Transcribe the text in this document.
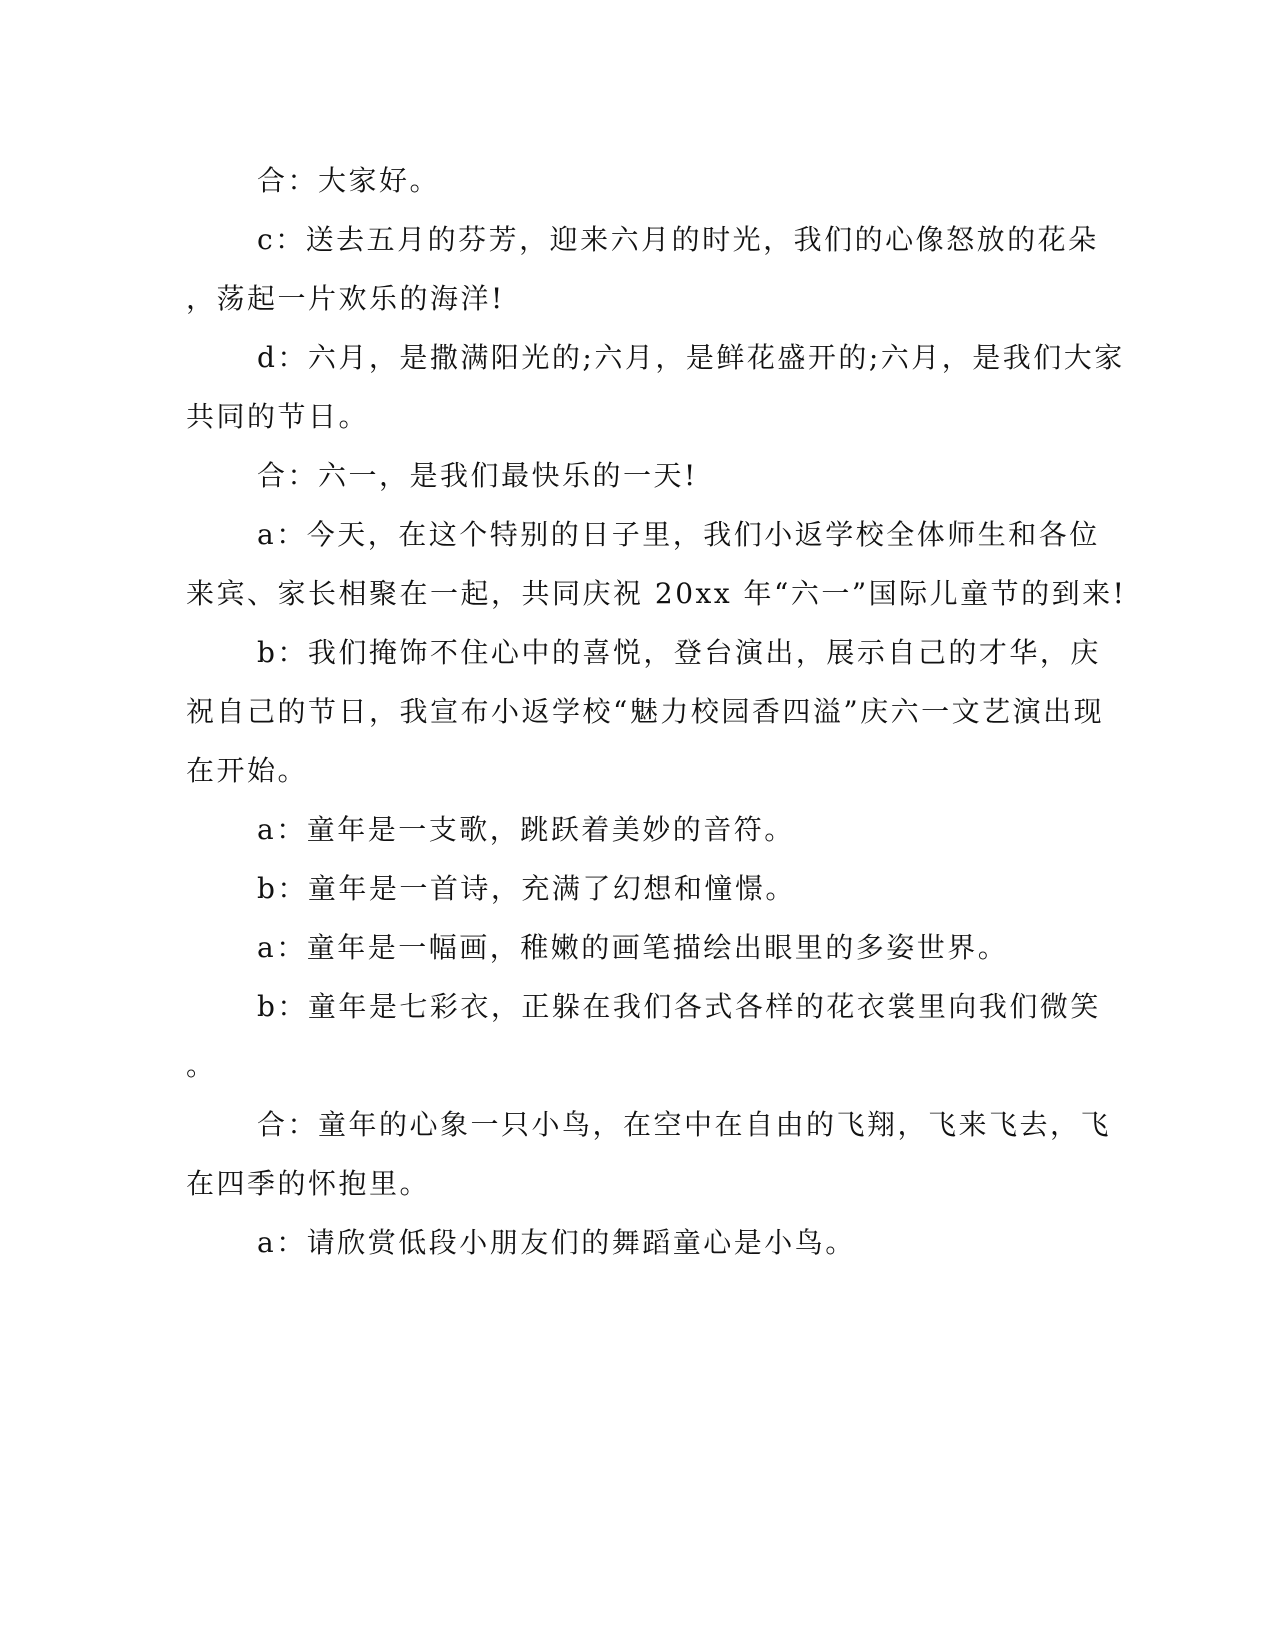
合：大家好。
c：送去五月的芬芳，迎来六月的时光，我们的心像怒放的花朵
，荡起一片欢乐的海洋!
d：六月，是撒满阳光的;六月，是鲜花盛开的;六月，是我们大家
共同的节日。
合：六一，是我们最快乐的一天!
a：今天，在这个特别的日子里，我们小返学校全体师生和各位
来宾、家长相聚在一起，共同庆祝 20xx 年“六一”国际儿童节的到来!
b：我们掩饰不住心中的喜悦，登台演出，展示自己的才华，庆
祝自己的节日，我宣布小返学校“魅力校园香四溢”庆六一文艺演出现
在开始。
a：童年是一支歌，跳跃着美妙的音符。
b：童年是一首诗，充满了幻想和憧憬。
a：童年是一幅画，稚嫩的画笔描绘出眼里的多姿世界。
b：童年是七彩衣，正躲在我们各式各样的花衣裳里向我们微笑
。
合：童年的心象一只小鸟，在空中在自由的飞翔，飞来飞去，飞
在四季的怀抱里。
a：请欣赏低段小朋友们的舞蹈童心是小鸟。
